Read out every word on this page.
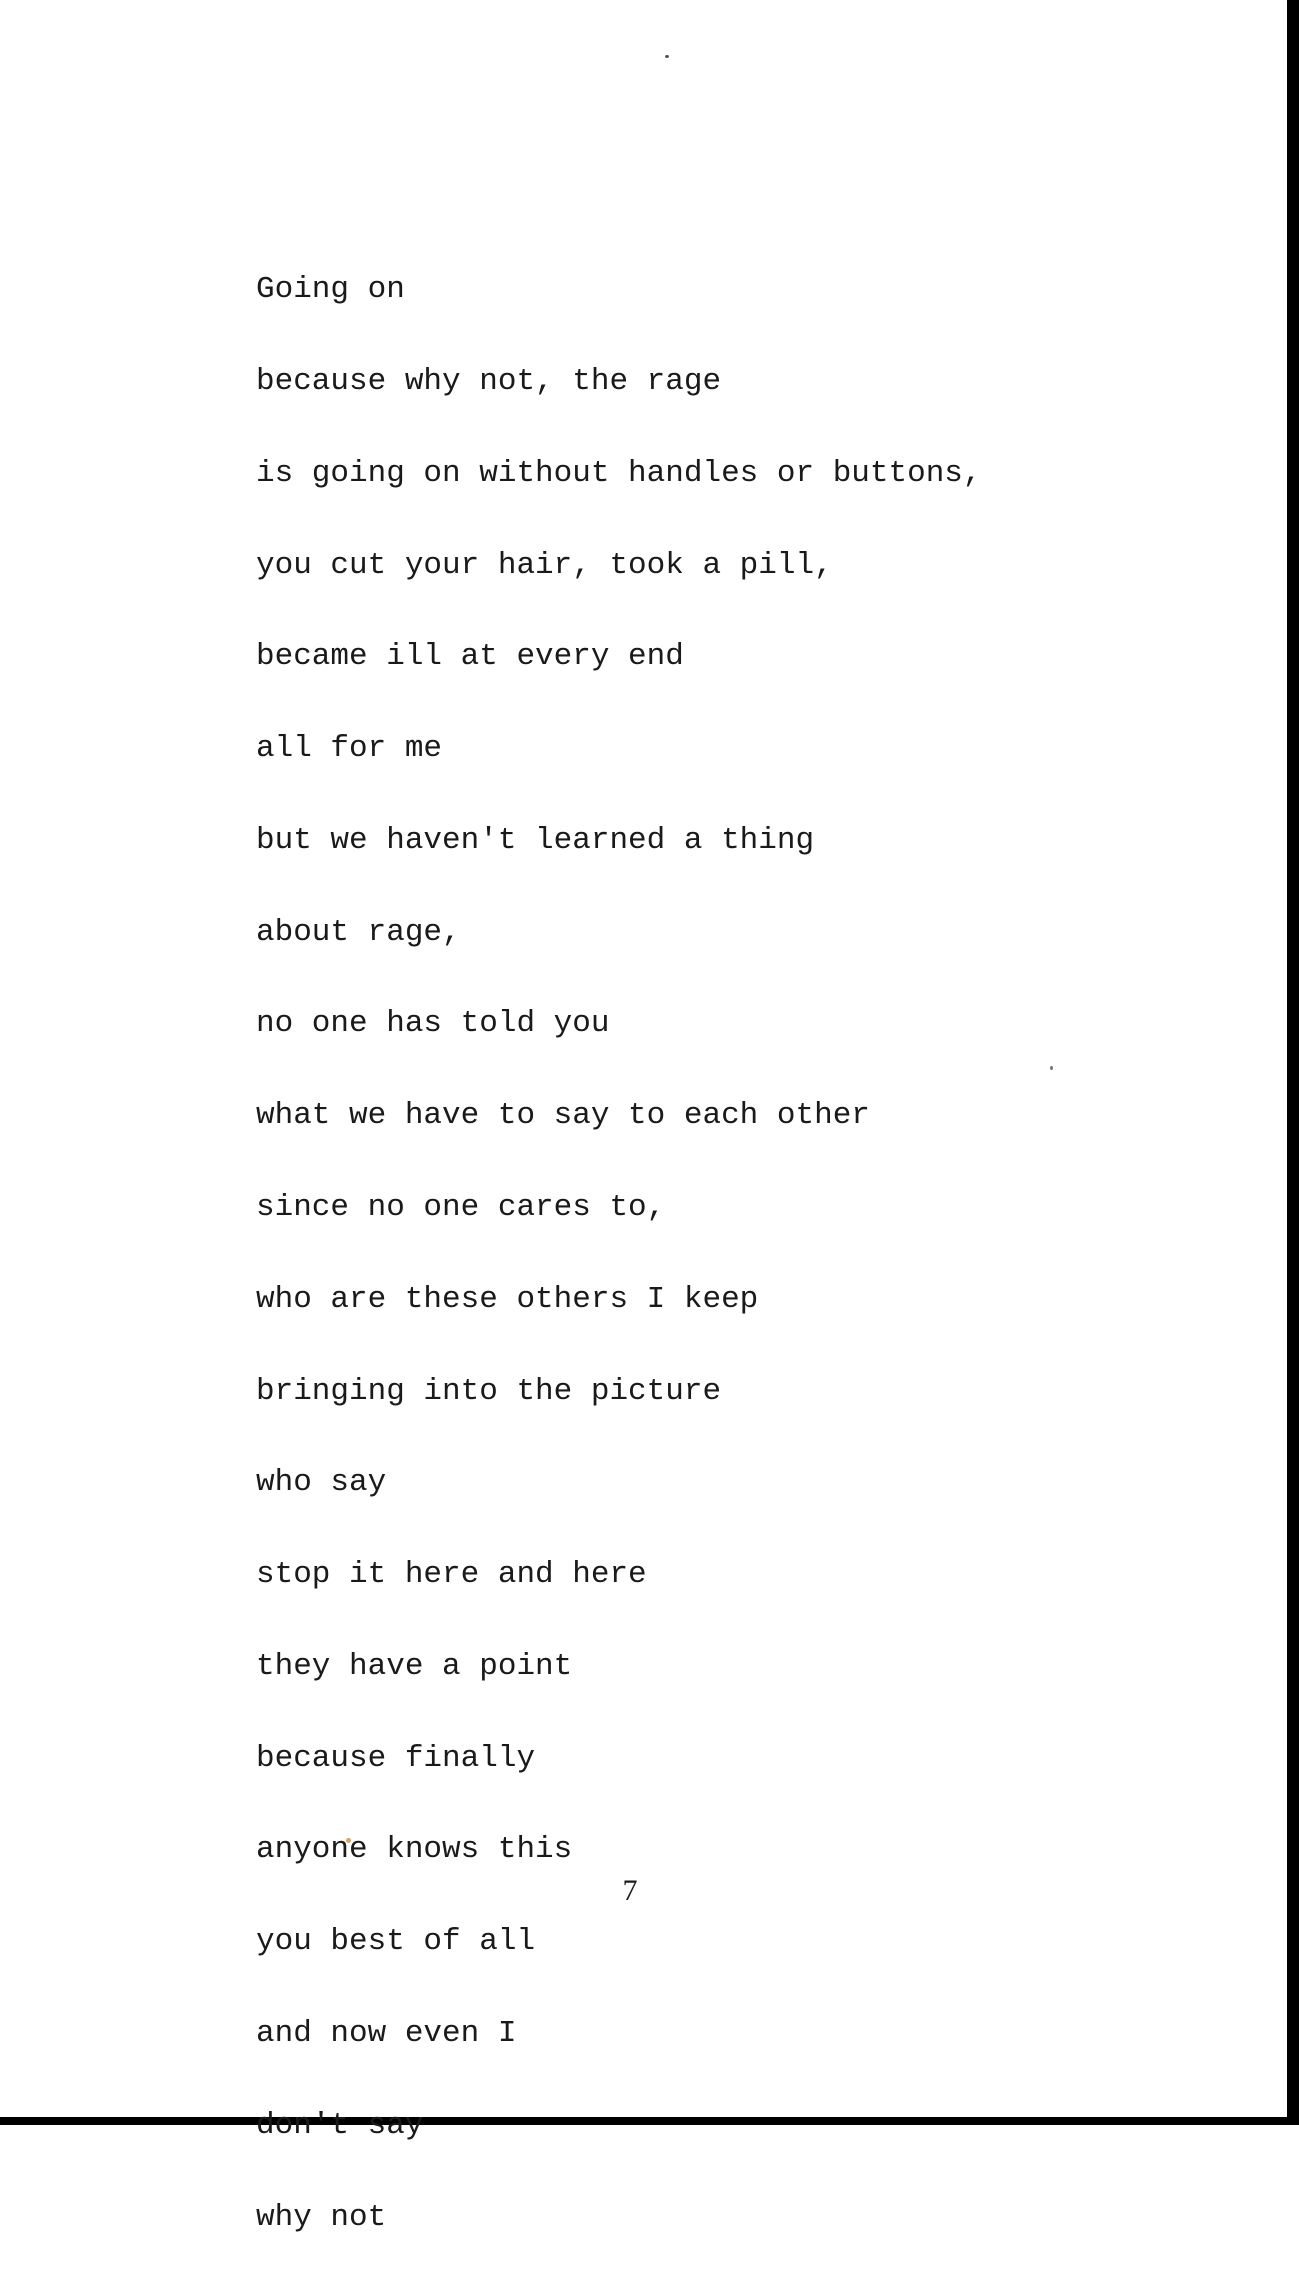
Going on

because why not, the rage

is going on without handles or buttons,

you cut your hair, took a pill,

became ill at every end

all for me

but we haven't learned a thing

about rage,

no one has told you

what we have to say to each other

since no one cares to,

who are these others I keep

bringing into the picture

who say

stop it here and here

they have a point

because finally

anyone knows this

you best of all

and now even I

don't say

why not

7
